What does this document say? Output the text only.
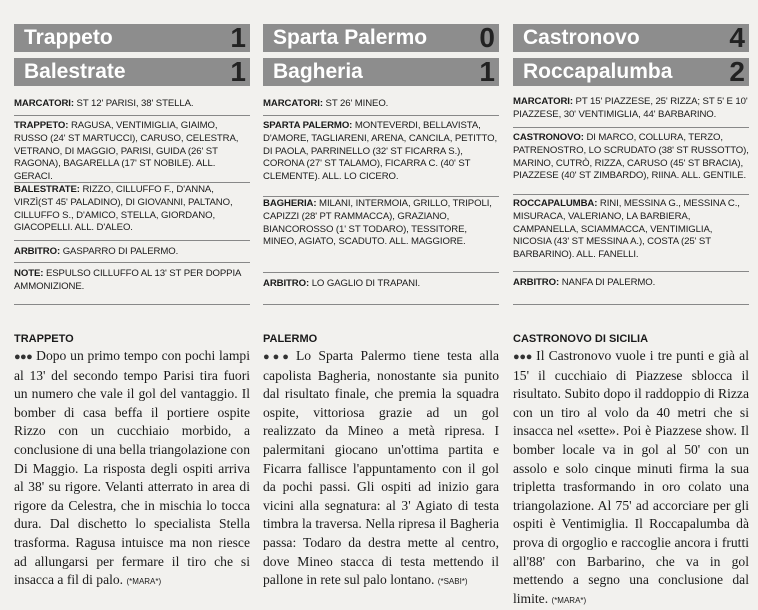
Trappeto	1
Balestrate	1
MARCATORI: ST 12' PARISI, 38' STELLA.
TRAPPETO: RAGUSA, VENTIMIGLIA, GIAIMO, RUSSO (24' ST MARTUCCI), CARUSO, CELESTRA, VETRANO, DI MAGGIO, PARISI, GUIDA (26' ST RAGONA), BAGARELLA (17' ST NOBILE). ALL. GERACI.
BALESTRATE: RIZZO, CILLUFFO F., D'ANNA, VIRZÌ(ST 45' PALADINO), DI GIOVANNI, PALTANO, CILLUFFO S., D'AMICO, STELLA, GIORDANO, GIACOPELLI. ALL. D'ALEO.
ARBITRO: GASPARRO DI PALERMO.
NOTE: ESPULSO CILLUFFO AL 13' ST PER DOPPIA AMMONIZIONE.
TRAPPETO
●●● Dopo un primo tempo con pochi lampi al 13' del secondo tempo Parisi tira fuori un numero che vale il gol del vantaggio. Il bomber di casa beffa il portiere ospite Rizzo con un cucchiaio morbido, a conclusione di una bella triangolazione con Di Maggio. La risposta degli ospiti arriva al 38' su rigore. Velanti atterrato in area di rigore da Celestra, che in mischia lo tocca dura. Dal dischetto lo specialista Stella trasforma. Ragusa intuisce ma non riesce ad allungarsi per fermare il tiro che si insacca a fil di palo. (*MARA*)
Sparta Palermo 0
Bagheria	1
MARCATORI: ST 26' MINEO.
SPARTA PALERMO: MONTEVERDI, BELLAVISTA, D'AMORE, TAGLIARENI, ARENA, CANCILA, PETITTO, DI PAOLA, PARRINELLO (32' ST FICARRA S.), CORONA (27' ST TALAMO), FICARRA C. (40' ST CLEMENTE). ALL. LO CICERO.
BAGHERIA: MILANI, INTERMOIA, GRILLO, TRIPOLI, CAPIZZI (28' PT RAMMACCA), GRAZIANO, BIANCOROSSO (1' ST TODARO), TESSITORE, MINEO, AGIATO, SCADUTO. ALL. MAGGIORE.
ARBITRO: LO GAGLIO DI TRAPANI.
PALERMO
●●● Lo Sparta Palermo tiene testa alla capolista Bagheria, nonostante sia punito dal risultato finale, che premia la squadra ospite, vittoriosa grazie ad un gol realizzato da Mineo a metà ripresa. I palermitani giocano un'ottima partita e Ficarra fallisce l'appuntamento con il gol da pochi passi. Gli ospiti ad inizio gara vicini alla segnatura: al 3' Agiato di testa timbra la traversa. Nella ripresa il Bagheria passa: Todaro da destra mette al centro, dove Mineo stacca di testa mettendo il pallone in rete sul palo lontano. (*SABI*)
Castronovo	4
Roccapalumba 2
MARCATORI: PT 15' PIAZZESE, 25' RIZZA; ST 5' E 10' PIAZZESE, 30' VENTIMIGLIA, 44' BARBARINO.
CASTRONOVO: DI MARCO, COLLURA, TERZO, PATRENOSTRO, LO SCRUDATO (38' ST RUSSOTTO), MARINO, CUTRÒ, RIZZA, CARUSO (45' ST BRACIA), PIAZZESE (40' ST ZIMBARDO), RIINA. ALL. GENTILE.
ROCCAPALUMBA: RINI, MESSINA G., MESSINA C., MISURACA, VALERIANO, LA BARBIERA, CAMPANELLA, SCIAMMACCA, VENTIMIGLIA, NICOSIA (43' ST MESSINA A.), COSTA (25' ST BARBARINO). ALL. FANELLI.
ARBITRO: NANFA DI PALERMO.
CASTRONOVO DI SICILIA
●●● Il Castronovo vuole i tre punti e già al 15' il cucchiaio di Piazzese sblocca il risultato. Subito dopo il raddoppio di Rizza con un tiro al volo da 40 metri che si insacca nel «sette». Poi è Piazzese show. Il bomber locale va in gol al 50' con un assolo e solo cinque minuti firma la sua tripletta trasformando in oro colato una triangolazione. Al 75' ad accorciare per gli ospiti è Ventimiglia. Il Roccapalumba dà prova di orgoglio e raccoglie ancora i frutti all'88' con Barbarino, che va in gol mettendo a segno una conclusione dal limite. (*MARA*)
